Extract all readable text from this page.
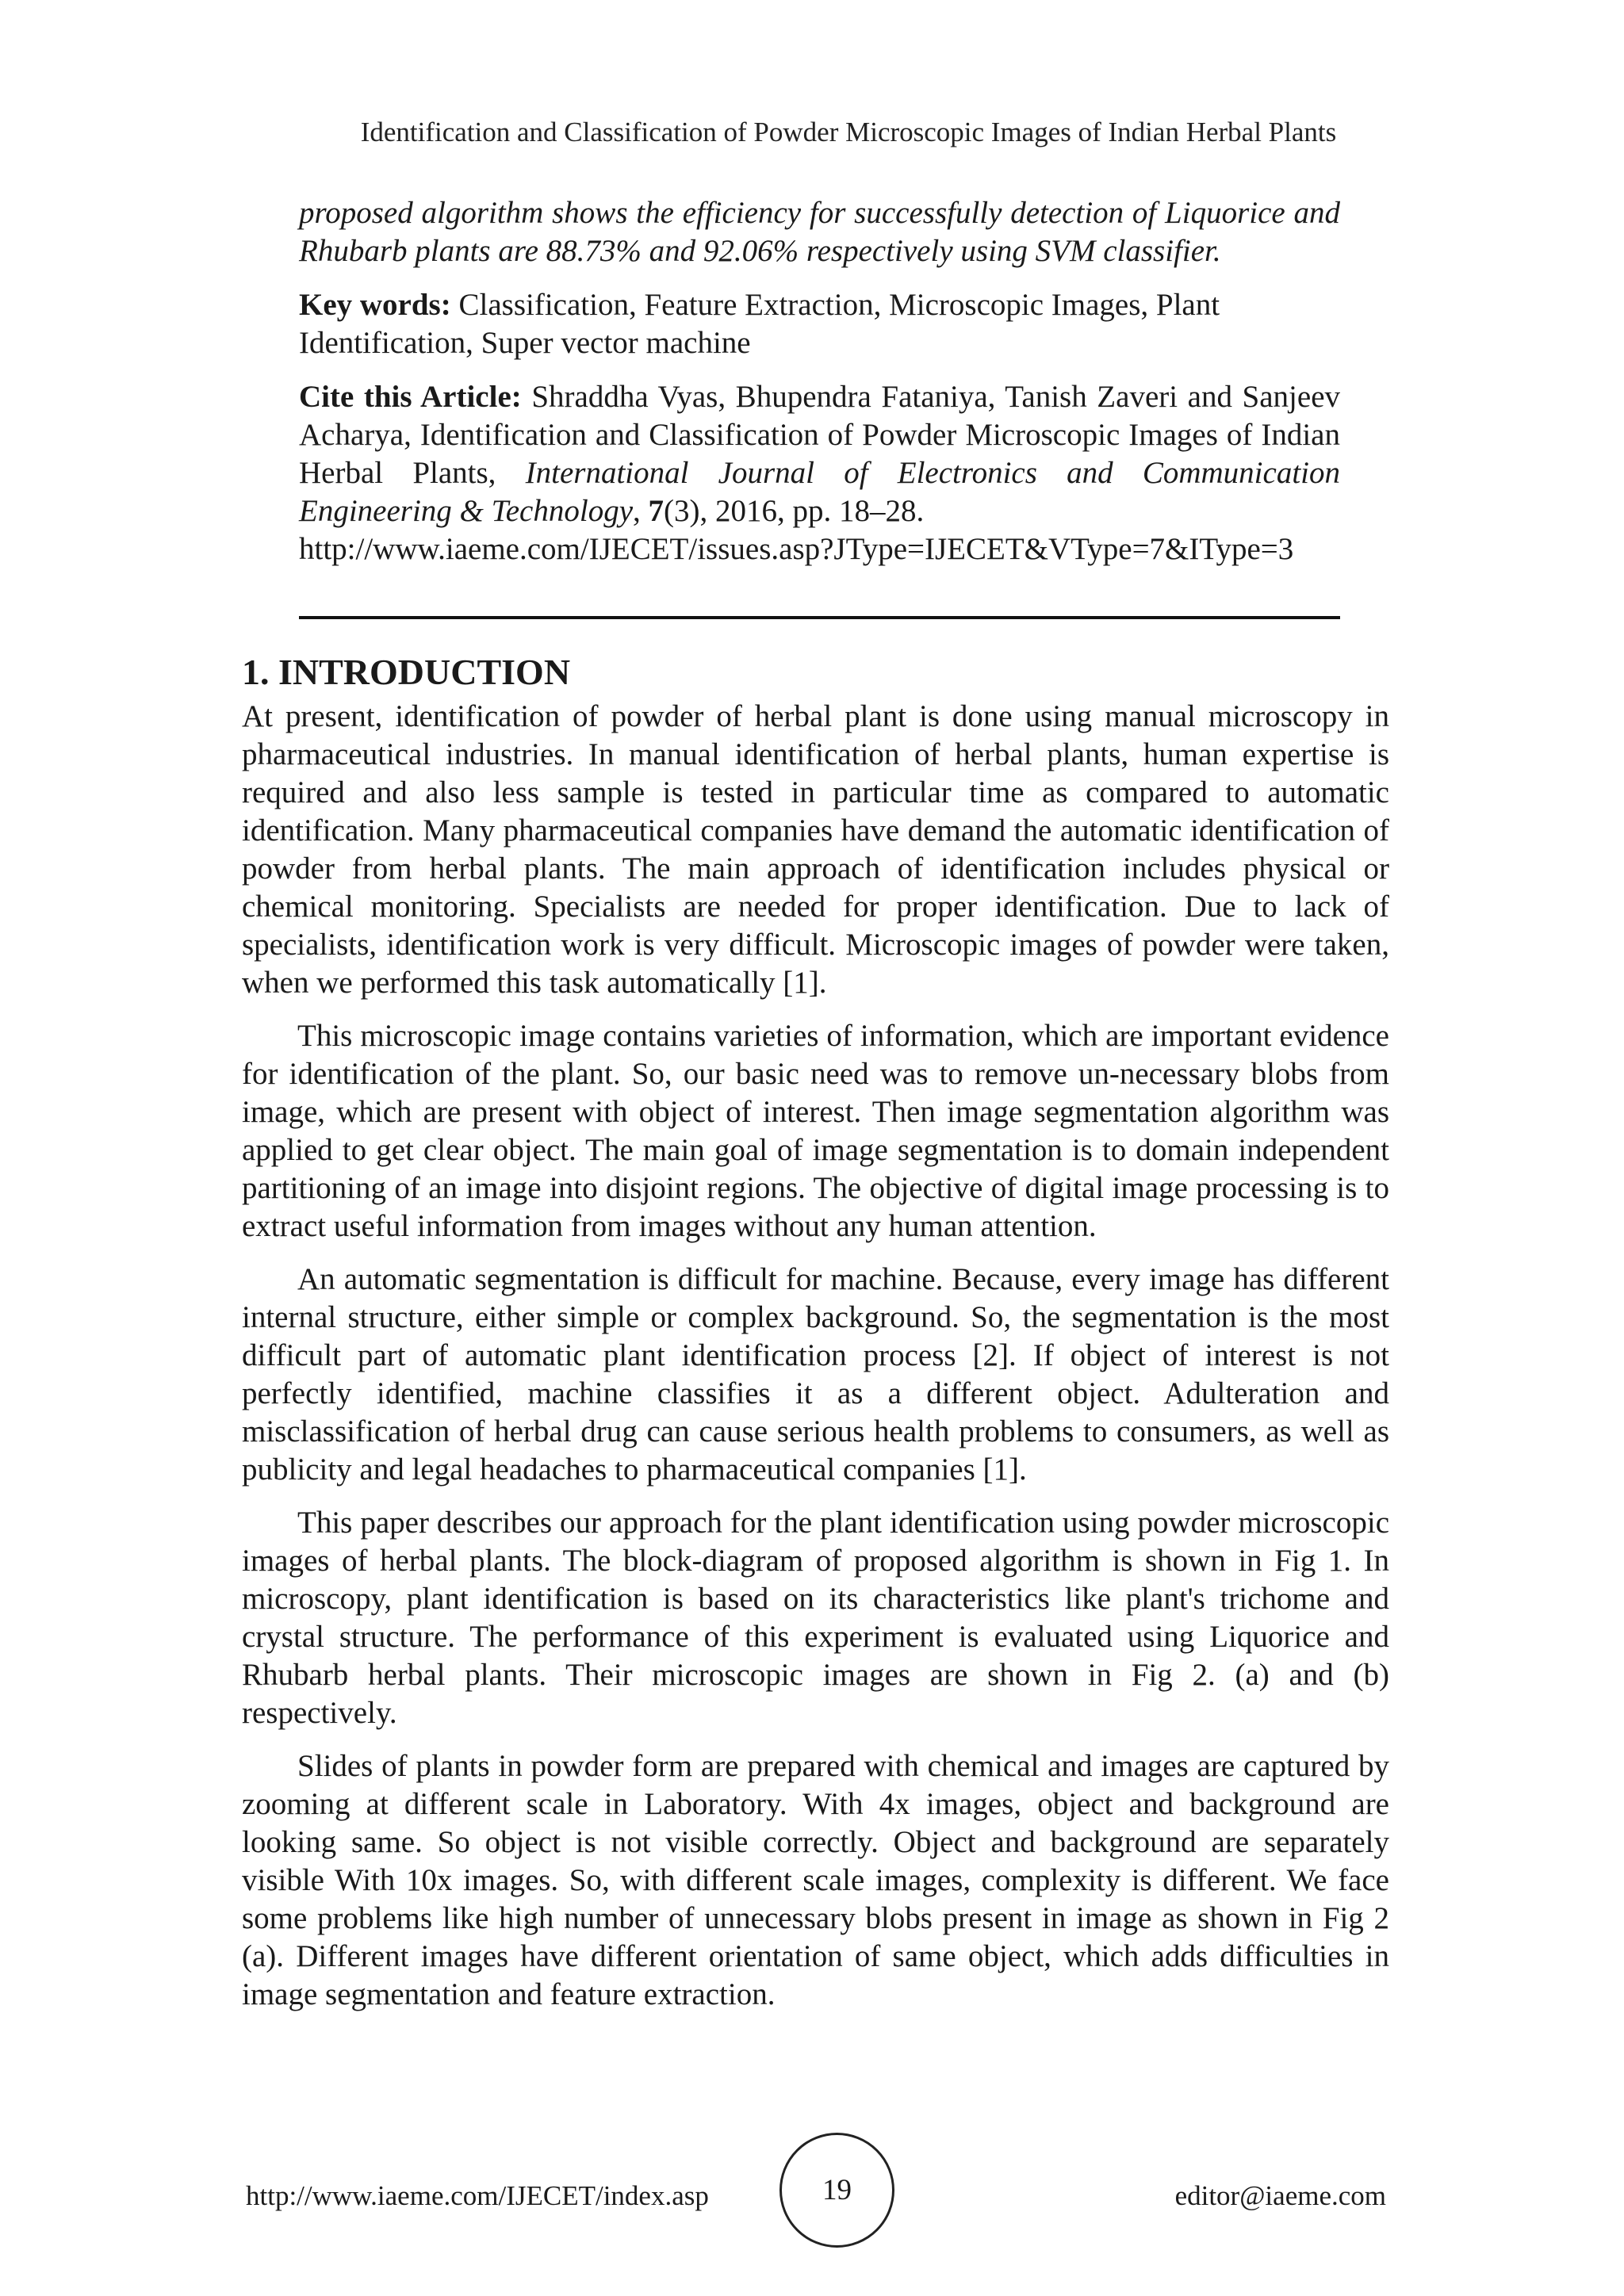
Identification and Classification of Powder Microscopic Images of Indian Herbal Plants

proposed algorithm shows the efficiency for successfully detection of Liquorice and Rhubarb plants are 88.73% and 92.06% respectively using SVM classifier.

Key words: Classification, Feature Extraction, Microscopic Images, Plant Identification, Super vector machine

Cite this Article: Shraddha Vyas, Bhupendra Fataniya, Tanish Zaveri and Sanjeev Acharya, Identification and Classification of Powder Microscopic Images of Indian Herbal Plants, International Journal of Electronics and Communication Engineering & Technology, 7(3), 2016, pp. 18–28.
http://www.iaeme.com/IJECET/issues.asp?JType=IJECET&VType=7&IType=3

1. INTRODUCTION

At present, identification of powder of herbal plant is done using manual microscopy in pharmaceutical industries. In manual identification of herbal plants, human expertise is required and also less sample is tested in particular time as compared to automatic identification. Many pharmaceutical companies have demand the automatic identification of powder from herbal plants. The main approach of identification includes physical or chemical monitoring. Specialists are needed for proper identification. Due to lack of specialists, identification work is very difficult. Microscopic images of powder were taken, when we performed this task automatically [1].

This microscopic image contains varieties of information, which are important evidence for identification of the plant. So, our basic need was to remove un-necessary blobs from image, which are present with object of interest. Then image segmentation algorithm was applied to get clear object. The main goal of image segmentation is to domain independent partitioning of an image into disjoint regions. The objective of digital image processing is to extract useful information from images without any human attention.

An automatic segmentation is difficult for machine. Because, every image has different internal structure, either simple or complex background. So, the segmentation is the most difficult part of automatic plant identification process [2]. If object of interest is not perfectly identified, machine classifies it as a different object. Adulteration and misclassification of herbal drug can cause serious health problems to consumers, as well as publicity and legal headaches to pharmaceutical companies [1].

This paper describes our approach for the plant identification using powder microscopic images of herbal plants. The block-diagram of proposed algorithm is shown in Fig 1. In microscopy, plant identification is based on its characteristics like plant's trichome and crystal structure. The performance of this experiment is evaluated using Liquorice and Rhubarb herbal plants. Their microscopic images are shown in Fig 2. (a) and (b) respectively.

Slides of plants in powder form are prepared with chemical and images are captured by zooming at different scale in Laboratory. With 4x images, object and background are looking same. So object is not visible correctly. Object and background are separately visible With 10x images. So, with different scale images, complexity is different. We face some problems like high number of unnecessary blobs present in image as shown in Fig 2 (a). Different images have different orientation of same object, which adds difficulties in image segmentation and feature extraction.

http://www.iaeme.com/IJECET/index.asp	19	editor@iaeme.com
